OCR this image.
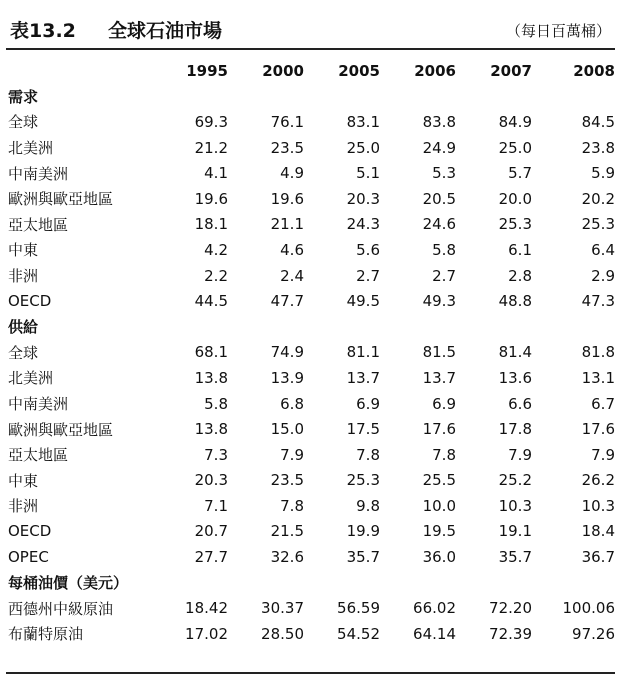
表13.2 全球石油市場	（每日百萬桶）
	1995	2000	2005	2006	2007	2008
需求						
全球	69.3	76.1	83.1	83.8	84.9	84.5
北美洲	21.2	23.5	25.0	24.9	25.0	23.8
中南美洲	4.1	4.9	5.1	5.3	5.7	5.9
歐洲與歐亞地區	19.6	19.6	20.3	20.5	20.0	20.2
亞太地區	18.1	21.1	24.3	24.6	25.3	25.3
中東	4.2	4.6	5.6	5.8	6.1	6.4
非洲	2.2	2.4	2.7	2.7	2.8	2.9
OECD	44.5	47.7	49.5	49.3	48.8	47.3
供給						
全球	68.1	74.9	81.1	81.5	81.4	81.8
北美洲	13.8	13.9	13.7	13.7	13.6	13.1
中南美洲	5.8	6.8	6.9	6.9	6.6	6.7
歐洲與歐亞地區	13.8	15.0	17.5	17.6	17.8	17.6
亞太地區	7.3	7.9	7.8	7.8	7.9	7.9
中東	20.3	23.5	25.3	25.5	25.2	26.2
非洲	7.1	7.8	9.8	10.0	10.3	10.3
OECD	20.7	21.5	19.9	19.5	19.1	18.4
OPEC	27.7	32.6	35.7	36.0	35.7	36.7
每桶油價（美元）						
西德州中級原油	18.42	30.37	56.59	66.02	72.20	100.06
布蘭特原油	17.02	28.50	54.52	64.14	72.39	97.26
